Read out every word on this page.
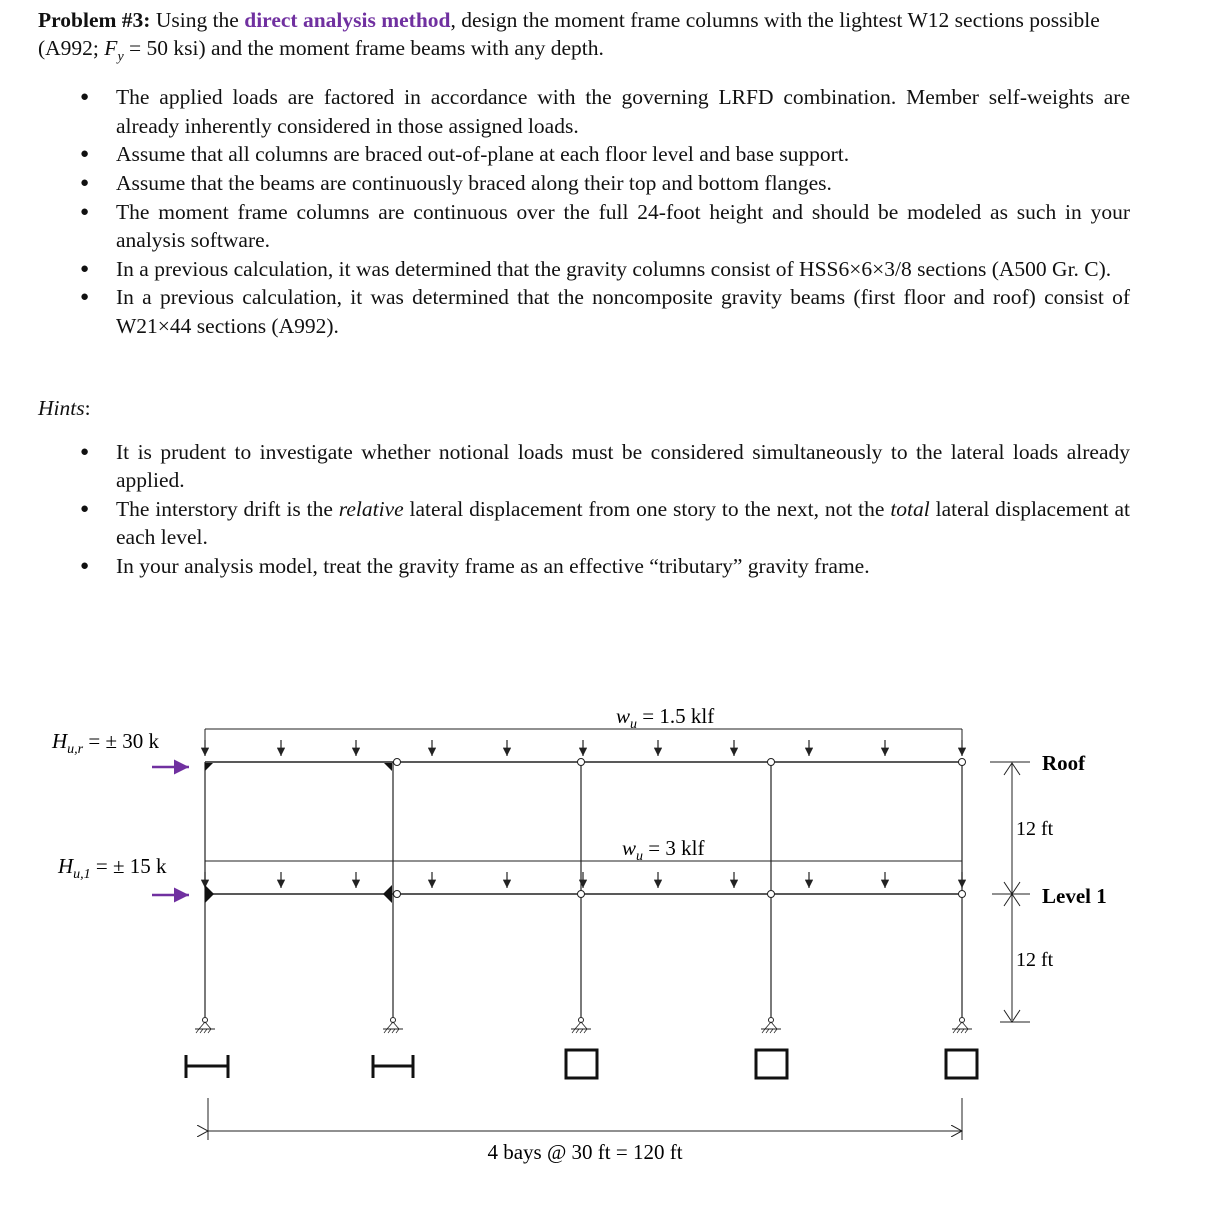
Problem #3: Using the direct analysis method, design the moment frame columns with the lightest W12 sections possible (A992; $F_y = 50$ ksi) and the moment frame beams with any depth.

● The applied loads are factored in accordance with the governing LRFD combination. Member self-weights are already inherently considered in those assigned loads.
● Assume that all columns are braced out-of-plane at each floor level and base support.
● Assume that the beams are continuously braced along their top and bottom flanges.
● The moment frame columns are continuous over the full 24-foot height and should be modeled as such in your analysis software.
● In a previous calculation, it was determined that the gravity columns consist of HSS6×6×3/8 sections (A500 Gr. C).
● In a previous calculation, it was determined that the noncomposite gravity beams (first floor and roof) consist of W21×44 sections (A992).
Hints:
● It is prudent to investigate whether notional loads must be considered simultaneously to the lateral loads already applied.
● The interstory drift is the relative lateral displacement from one story to the next, not the total lateral displacement at each level.
● In your analysis model, treat the gravity frame as an effective “tributary” gravity frame.
4 bays @ 30 ft = 120 ft
12 ft
12 ft
Roof
Level 1
$w_u = 1.5$ klf
$w_u = 3$ klf
$H_{u,r}$ = ± 30 k
$H_{u,1}$ = ± 15 k
